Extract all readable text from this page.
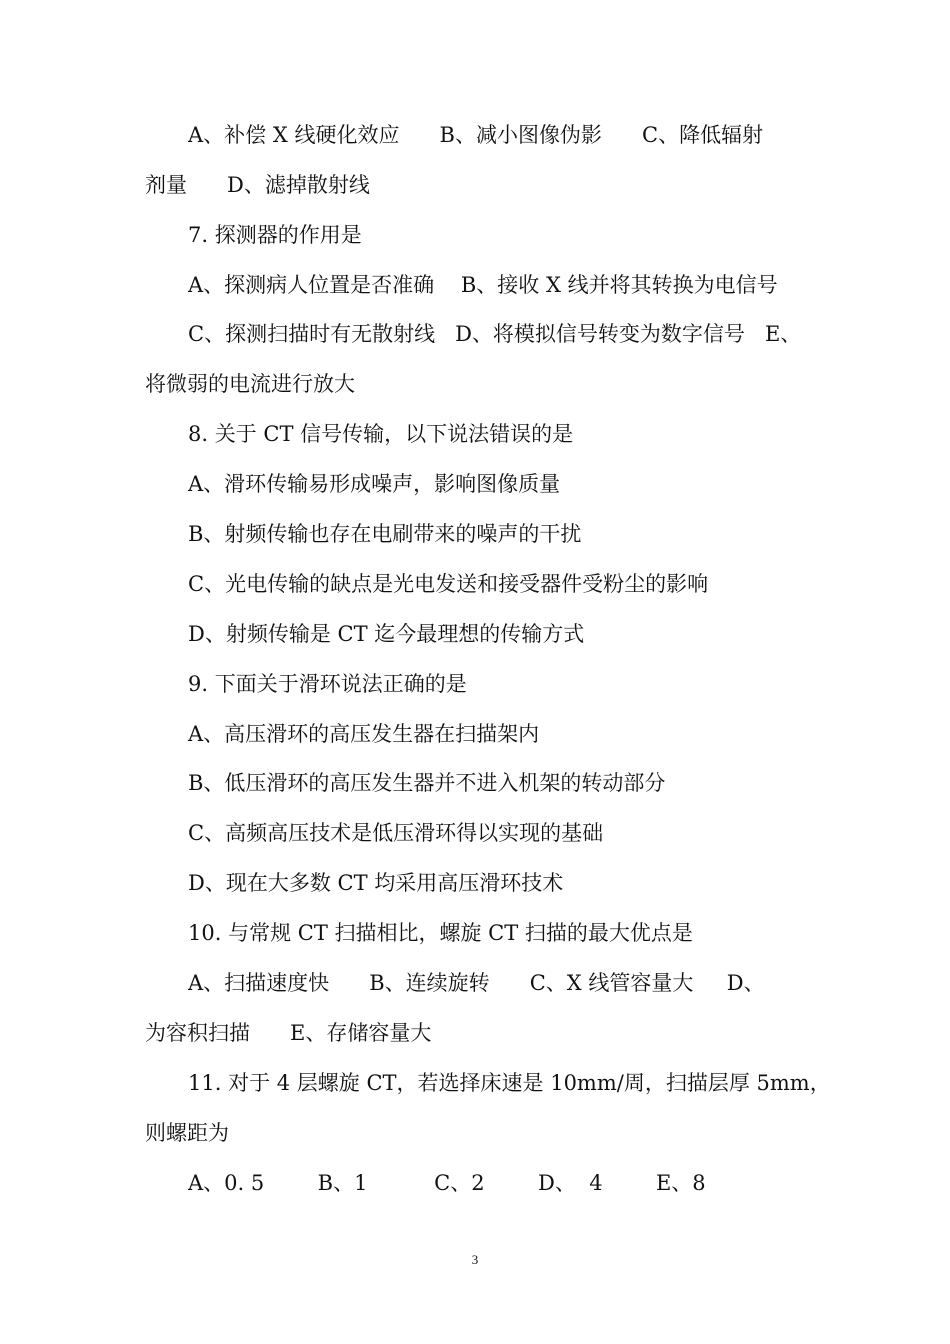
A、补偿 X 线硬化效应      B、减小图像伪影      C、降低辐射
剂量      D、滤掉散射线
7. 探测器的作用是
A、探测病人位置是否准确    B、接收 X 线并将其转换为电信号
C、探测扫描时有无散射线   D、将模拟信号转变为数字信号   E、
将微弱的电流进行放大
8. 关于 CT 信号传输，以下说法错误的是
A、滑环传输易形成噪声，影响图像质量
B、射频传输也存在电刷带来的噪声的干扰
C、光电传输的缺点是光电发送和接受器件受粉尘的影响
D、射频传输是 CT 迄今最理想的传输方式
9. 下面关于滑环说法正确的是
A、高压滑环的高压发生器在扫描架内
B、低压滑环的高压发生器并不进入机架的转动部分
C、高频高压技术是低压滑环得以实现的基础
D、现在大多数 CT 均采用高压滑环技术
10. 与常规 CT 扫描相比，螺旋 CT 扫描的最大优点是
A、扫描速度快      B、连续旋转      C、X 线管容量大     D、
为容积扫描      E、存储容量大
11. 对于 4 层螺旋 CT，若选择床速是 10mm/周，扫描层厚 5mm，
则螺距为
A、0. 5        B、1          C、2        D、  4        E、8
3
